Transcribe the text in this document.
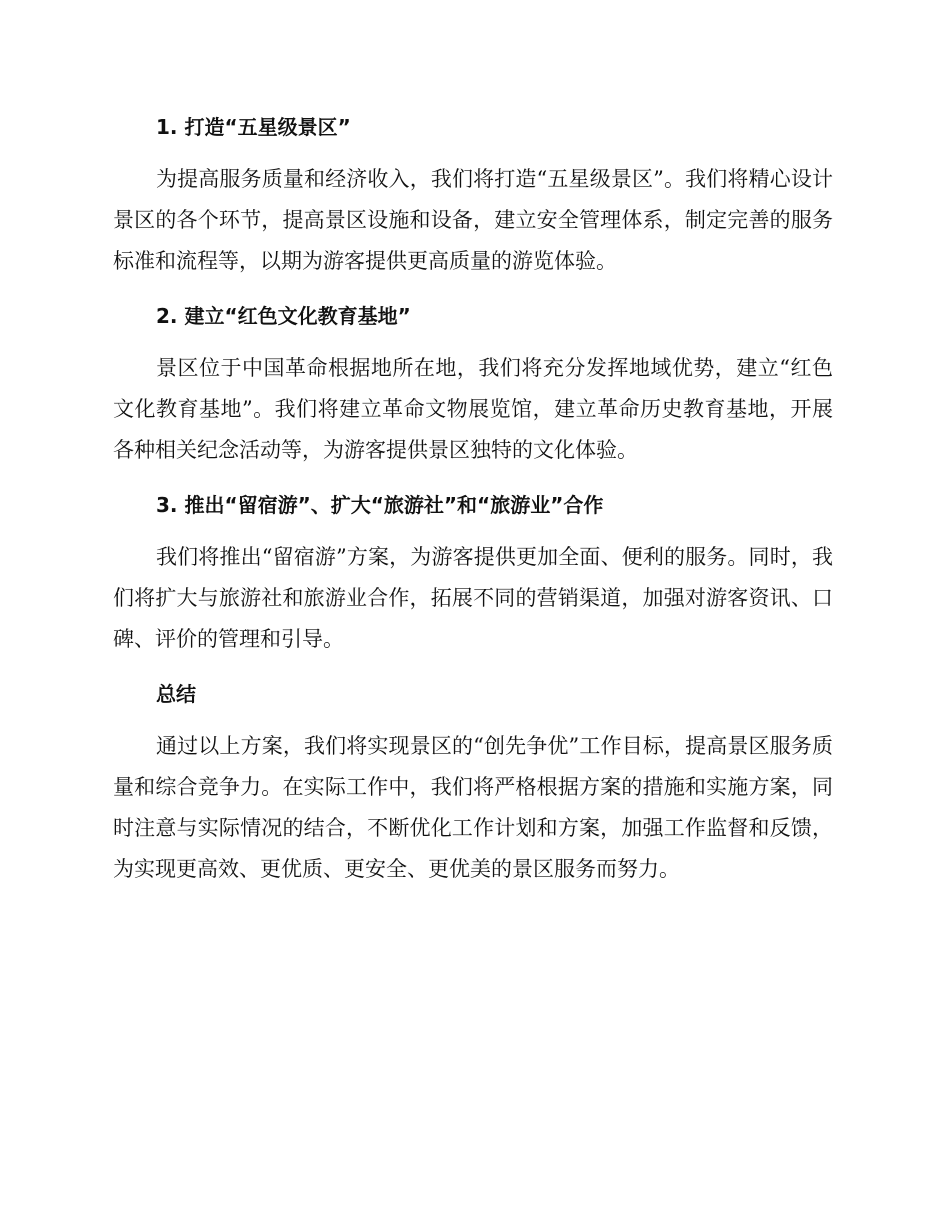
1. 打造“五星级景区”

为提高服务质量和经济收入，我们将打造“五星级景区”。我们将精心设计景区的各个环节，提高景区设施和设备，建立安全管理体系，制定完善的服务标准和流程等，以期为游客提供更高质量的游览体验。

2. 建立“红色文化教育基地”

景区位于中国革命根据地所在地，我们将充分发挥地域优势，建立“红色文化教育基地”。我们将建立革命文物展览馆，建立革命历史教育基地，开展各种相关纪念活动等，为游客提供景区独特的文化体验。

3. 推出“留宿游”、扩大“旅游社”和“旅游业”合作

我们将推出“留宿游”方案，为游客提供更加全面、便利的服务。同时，我们将扩大与旅游社和旅游业合作，拓展不同的营销渠道，加强对游客资讯、口碑、评价的管理和引导。

总结

通过以上方案，我们将实现景区的“创先争优”工作目标，提高景区服务质量和综合竞争力。在实际工作中，我们将严格根据方案的措施和实施方案，同时注意与实际情况的结合，不断优化工作计划和方案，加强工作监督和反馈，为实现更高效、更优质、更安全、更优美的景区服务而努力。
